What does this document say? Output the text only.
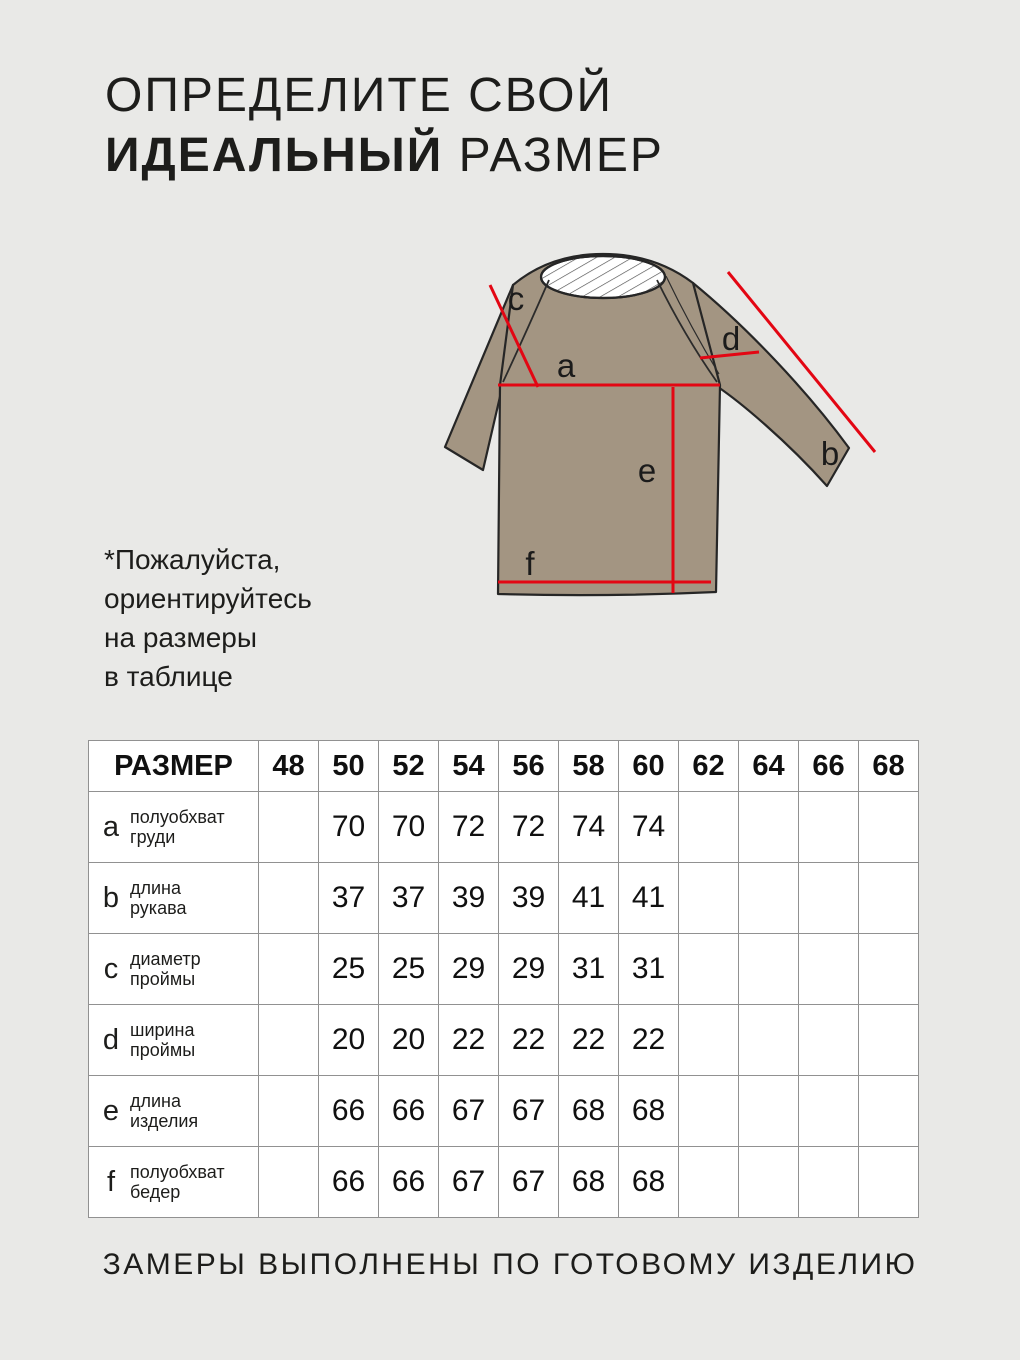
ОПРЕДЕЛИТЕ СВОЙ
ИДЕАЛЬНЫЙ РАЗМЕР
c
a
d
b
e
f
*Пожалуйста,
ориентируйтесь
на размеры
в таблице
РАЗМЕР	48	50	52	54	56	58	60	62	64	66	68

a полуобхват
груди		70	70	72	72	74	74				

b длина
рукава		37	37	39	39	41	41				

c диаметр
проймы		25	25	29	29	31	31				

d ширина
проймы		20	20	22	22	22	22				

e длина
изделия		66	66	67	67	68	68				

f полуобхват
бедер		66	66	67	67	68	68				
ЗАМЕРЫ ВЫПОЛНЕНЫ ПО ГОТОВОМУ ИЗДЕЛИЮ
